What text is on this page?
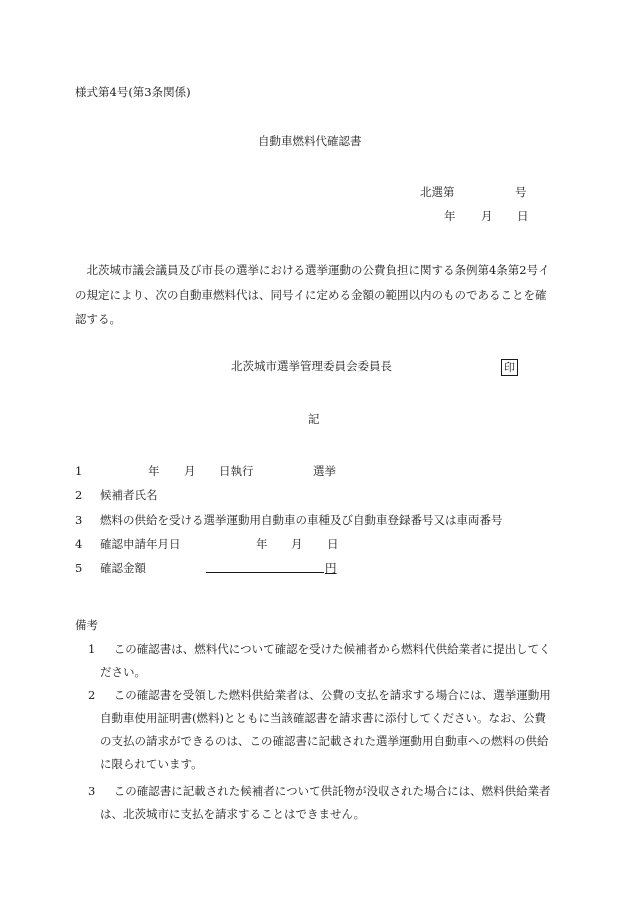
様式第4号(第3条関係)
自動車燃料代確認書
北選第	号
年 月 日
北茨城市議会議員及び市長の選挙における選挙運動の公費負担に関する条例第4条第2号イの規定により、次の自動車燃料代は、同号イに定める金額の範囲以内のものであることを確認する。
北茨城市選挙管理委員会委員長	印
記
1	年 月 日執行	選挙
2 候補者氏名
3 燃料の供給を受ける選挙運動用自動車の車種及び自動車登録番号又は車両番号
4 確認申請年月日	年 月 日
5 確認金額	円
備考
1	この確認書は、燃料代について確認を受けた候補者から燃料代供給業者に提出してください。
2	この確認書を受領した燃料供給業者は、公費の支払を請求する場合には、選挙運動用自動車使用証明書(燃料)とともに当該確認書を請求書に添付してください。なお、公費の支払の請求ができるのは、この確認書に記載された選挙運動用自動車への燃料の供給に限られています。
3	この確認書に記載された候補者について供託物が没収された場合には、燃料供給業者は、北茨城市に支払を請求することはできません。
